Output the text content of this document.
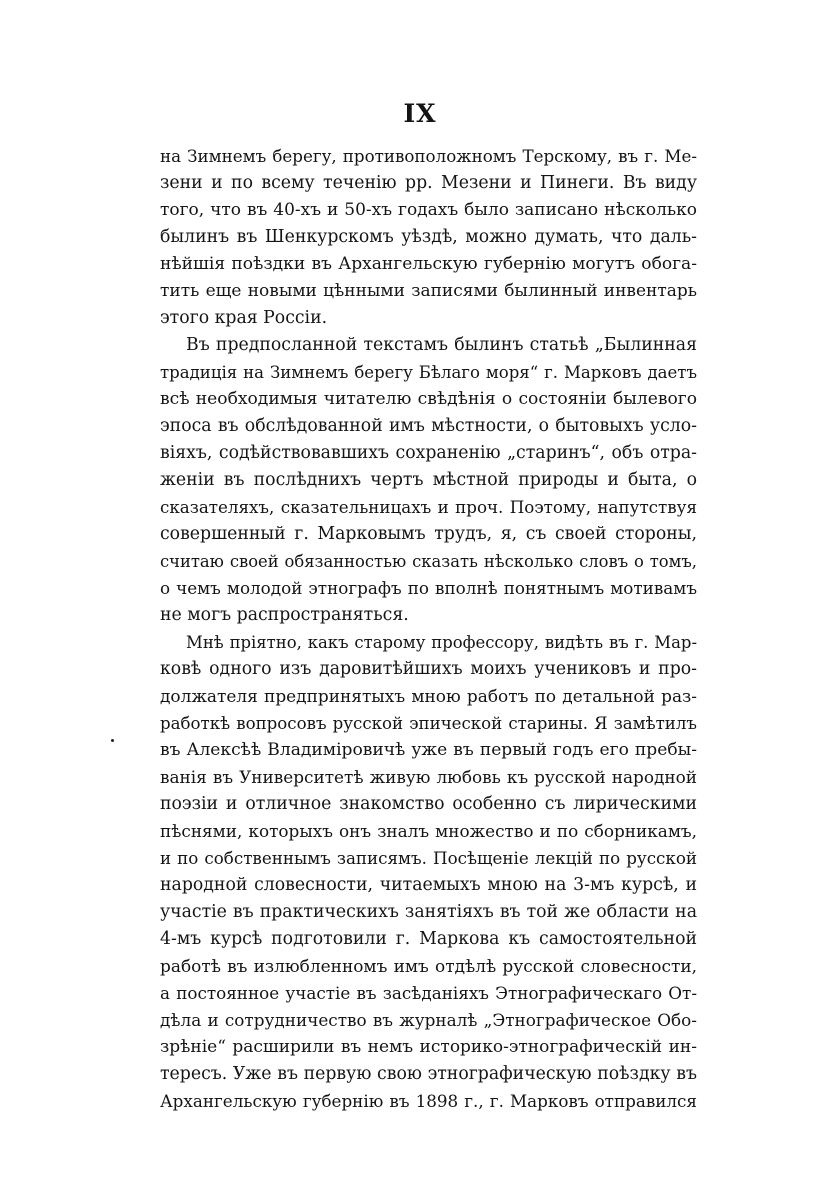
IX
на Зимнемъ берегу, противоположномъ Терскому, въ г. Ме-
зени и по всему теченію рр. Мезени и Пинеги. Въ виду
того, что въ 40-хъ и 50-хъ годахъ было записано нѣсколько
былинъ въ Шенкурскомъ уѣздѣ, можно думать, что даль-
нѣйшія поѣздки въ Архангельскую губернію могутъ обога-
тить еще новыми цѣнными записями былинный инвентарь
этого края Россіи.
Въ предпосланной текстамъ былинъ статьѣ „Былинная
традиція на Зимнемъ берегу Бѣлаго моря“ г. Марковъ даетъ
всѣ необходимыя читателю свѣдѣнія о состояніи былевого
эпоса въ обслѣдованной имъ мѣстности, о бытовыхъ усло-
віяхъ, содѣйствовавшихъ сохраненію „старинъ“, объ отра-
женіи въ послѣднихъ чертъ мѣстной природы и быта, о
сказателяхъ, сказательницахъ и проч. Поэтому, напутствуя
совершенный г. Марковымъ трудъ, я, съ своей стороны,
считаю своей обязанностью сказать нѣсколько словъ о томъ,
о чемъ молодой этнографъ по вполнѣ понятнымъ мотивамъ
не могъ распространяться.
Мнѣ пріятно, какъ старому профессору, видѣть въ г. Мар-
ковѣ одного изъ даровитѣйшихъ моихъ учениковъ и про-
должателя предпринятыхъ мною работъ по детальной раз-
работкѣ вопросовъ русской эпической старины. Я замѣтилъ
въ Алексѣѣ Владиміровичѣ уже въ первый годъ его пребы-
ванія въ Университетѣ живую любовь къ русской народной
поэзіи и отличное знакомство особенно съ лирическими
пѣснями, которыхъ онъ зналъ множество и по сборникамъ,
и по собственнымъ записямъ. Посѣщеніе лекцій по русской
народной словесности, читаемыхъ мною на 3-мъ курсѣ, и
участіе въ практическихъ занятіяхъ въ той же области на
4-мъ курсѣ подготовили г. Маркова къ самостоятельной
работѣ въ излюбленномъ имъ отдѣлѣ русской словесности,
а постоянное участіе въ засѣданіяхъ Этнографическаго От-
дѣла и сотрудничество въ журналѣ „Этнографическое Обо-
зрѣніе“ расширили въ немъ историко-этнографическій ин-
тересъ. Уже въ первую свою этнографическую поѣздку въ
Архангельскую губернію въ 1898 г., г. Марковъ отправился
